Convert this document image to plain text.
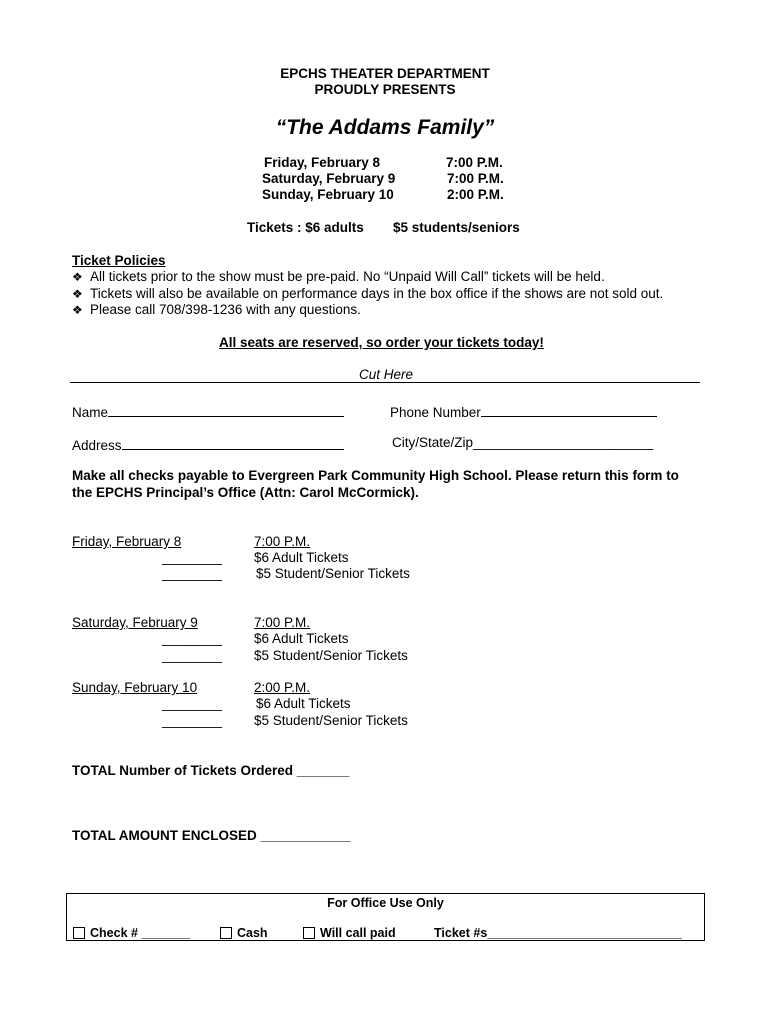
EPCHS THEATER DEPARTMENT
PROUDLY PRESENTS
“The Addams Family”
Friday, February 8	7:00 P.M.
Saturday, February 9	7:00 P.M.
Sunday, February 10	2:00 P.M.
Tickets : $6 adults $5 students/seniors
Ticket Policies
❖ All tickets prior to the show must be pre-paid. No “Unpaid Will Call” tickets will be held.
❖ Tickets will also be available on performance days in the box office if the shows are not sold out.
❖ Please call 708/398-1236 with any questions.
All seats are reserved, so order your tickets today!
Cut Here
Name	Phone Number
Address	City/State/Zip________________________
Make all checks payable to Evergreen Park Community High School. Please return this form to
the EPCHS Principal’s Office (Attn: Carol McCormick).
Friday, February 8	7:00 P.M.
________ $6 Adult Tickets
________	$5 Student/Senior Tickets
Saturday, February 9	7:00 P.M.
________ $6 Adult Tickets
________ $5 Student/Senior Tickets
Sunday, February 10	2:00 P.M.
________	$6 Adult Tickets
________ $5 Student/Senior Tickets
TOTAL Number of Tickets Ordered _______
TOTAL AMOUNT ENCLOSED ____________
For Office Use Only
Check # _______	Cash	Will call paid	Ticket #s____________________________
